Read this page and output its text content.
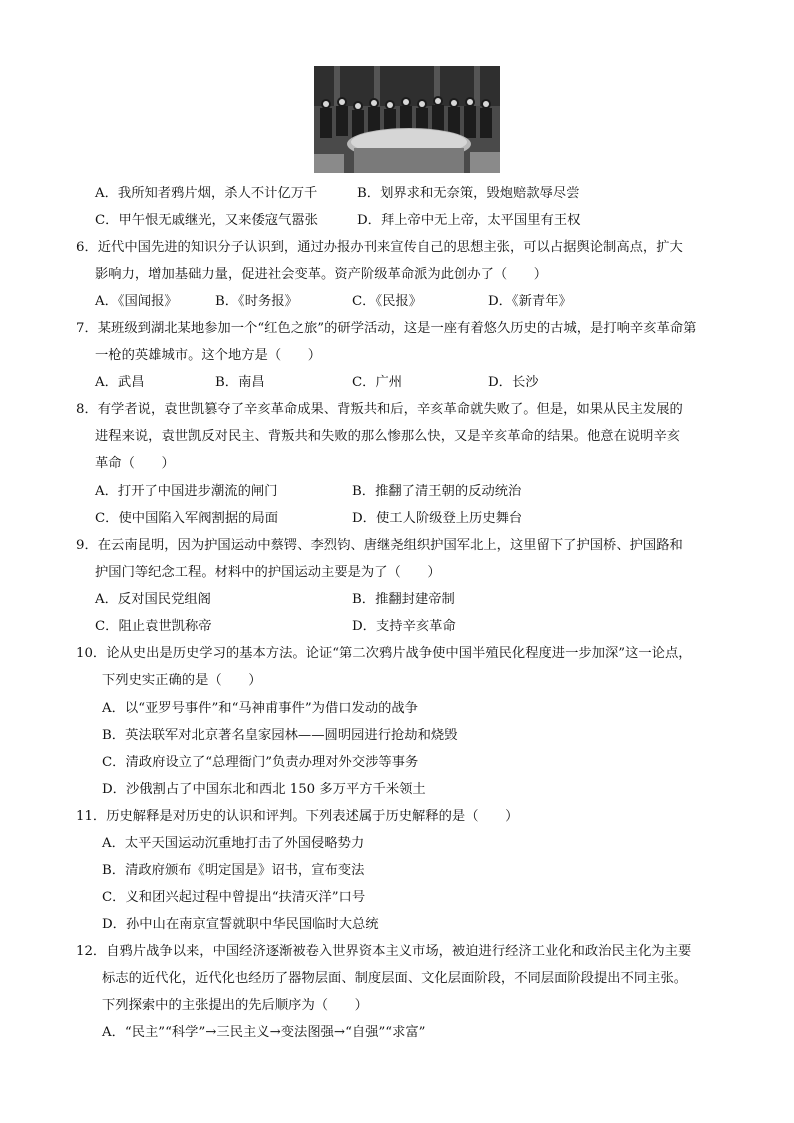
A．我所知者鸦片烟，杀人不计亿万千	B．划界求和无奈策，毁炮赔款辱尽尝
C．甲午恨无戚继光，又来倭寇气嚣张	D．拜上帝中无上帝，太平国里有王权
6．近代中国先进的知识分子认识到，通过办报办刊来宣传自己的思想主张，可以占据舆论制高点，扩大
影响力，增加基础力量，促进社会变革。资产阶级革命派为此创办了（　　）
A．《国闻报》	B．《时务报》	C．《民报》	D．《新青年》
7．某班级到湖北某地参加一个“红色之旅”的研学活动，这是一座有着悠久历史的古城，是打响辛亥革命第
一枪的英雄城市。这个地方是（　　）
A．武昌	B．南昌	C．广州	D．长沙
8．有学者说，袁世凯篡夺了辛亥革命成果、背叛共和后，辛亥革命就失败了。但是，如果从民主发展的
进程来说，袁世凯反对民主、背叛共和失败的那么惨那么快，又是辛亥革命的结果。他意在说明辛亥
革命（　　）
A．打开了中国进步潮流的闸门	B．推翻了清王朝的反动统治
C．使中国陷入军阀割据的局面	D．使工人阶级登上历史舞台
9．在云南昆明，因为护国运动中蔡锷、李烈钧、唐继尧组织护国军北上，这里留下了护国桥、护国路和
护国门等纪念工程。材料中的护国运动主要是为了（　　）
A．反对国民党组阁	B．推翻封建帝制
C．阻止袁世凯称帝	D．支持辛亥革命
10．论从史出是历史学习的基本方法。论证“第二次鸦片战争使中国半殖民化程度进一步加深”这一论点，
下列史实正确的是（　　）
A．以“亚罗号事件”和“马神甫事件”为借口发动的战争
B．英法联军对北京著名皇家园林——圆明园进行抢劫和烧毁
C．清政府设立了“总理衙门”负责办理对外交涉等事务
D．沙俄割占了中国东北和西北 150 多万平方千米领土
11．历史解释是对历史的认识和评判。下列表述属于历史解释的是（　　）
A．太平天国运动沉重地打击了外国侵略势力
B．清政府颁布《明定国是》诏书，宣布变法
C．义和团兴起过程中曾提出“扶清灭洋”口号
D．孙中山在南京宣誓就职中华民国临时大总统
12．自鸦片战争以来，中国经济逐渐被卷入世界资本主义市场，被迫进行经济工业化和政治民主化为主要
标志的近代化，近代化也经历了器物层面、制度层面、文化层面阶段，不同层面阶段提出不同主张。
下列探索中的主张提出的先后顺序为（　　）
A．“民主”“科学”→三民主义→变法图强→“自强”“求富”
